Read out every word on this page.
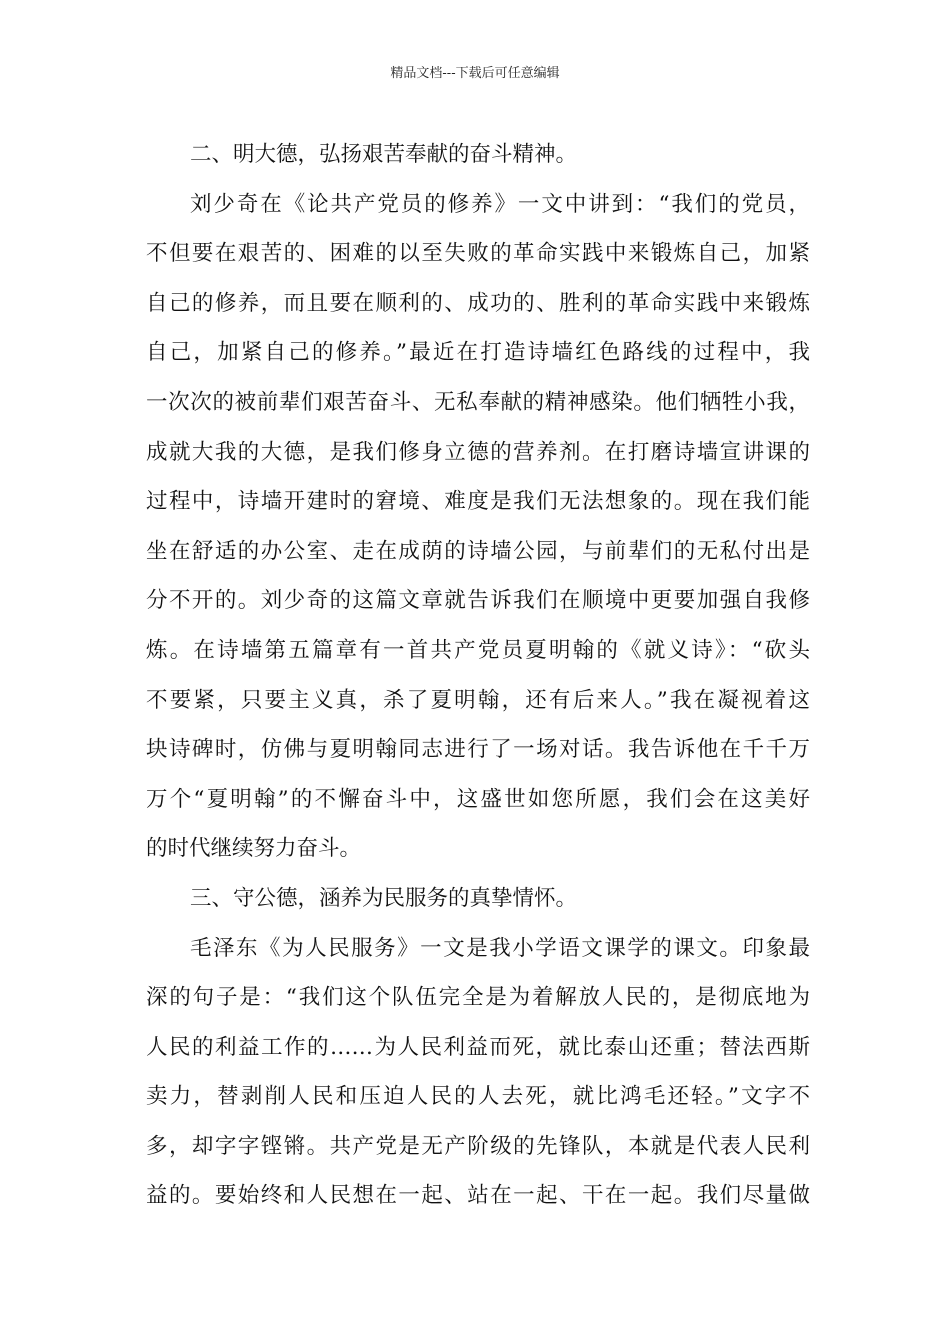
精品文档---下载后可任意编辑
二、明大德，弘扬艰苦奉献的奋斗精神。
刘少奇在《论共产党员的修养》一文中讲到：“我们的党员，
不但要在艰苦的、困难的以至失败的革命实践中来锻炼自己，加紧
自己的修养，而且要在顺利的、成功的、胜利的革命实践中来锻炼
自己，加紧自己的修养。”最近在打造诗墙红色路线的过程中，我
一次次的被前辈们艰苦奋斗、无私奉献的精神感染。他们牺牲小我，
成就大我的大德，是我们修身立德的营养剂。在打磨诗墙宣讲课的
过程中，诗墙开建时的窘境、难度是我们无法想象的。现在我们能
坐在舒适的办公室、走在成荫的诗墙公园，与前辈们的无私付出是
分不开的。刘少奇的这篇文章就告诉我们在顺境中更要加强自我修
炼。在诗墙第五篇章有一首共产党员夏明翰的《就义诗》：“砍头
不要紧，只要主义真，杀了夏明翰，还有后来人。”我在凝视着这
块诗碑时，仿佛与夏明翰同志进行了一场对话。我告诉他在千千万
万个“夏明翰”的不懈奋斗中，这盛世如您所愿，我们会在这美好
的时代继续努力奋斗。
三、守公德，涵养为民服务的真挚情怀。
毛泽东《为人民服务》一文是我小学语文课学的课文。印象最
深的句子是：“我们这个队伍完全是为着解放人民的，是彻底地为
人民的利益工作的……为人民利益而死，就比泰山还重；替法西斯
卖力，替剥削人民和压迫人民的人去死，就比鸿毛还轻。”文字不
多，却字字铿锵。共产党是无产阶级的先锋队，本就是代表人民利
益的。要始终和人民想在一起、站在一起、干在一起。我们尽量做
